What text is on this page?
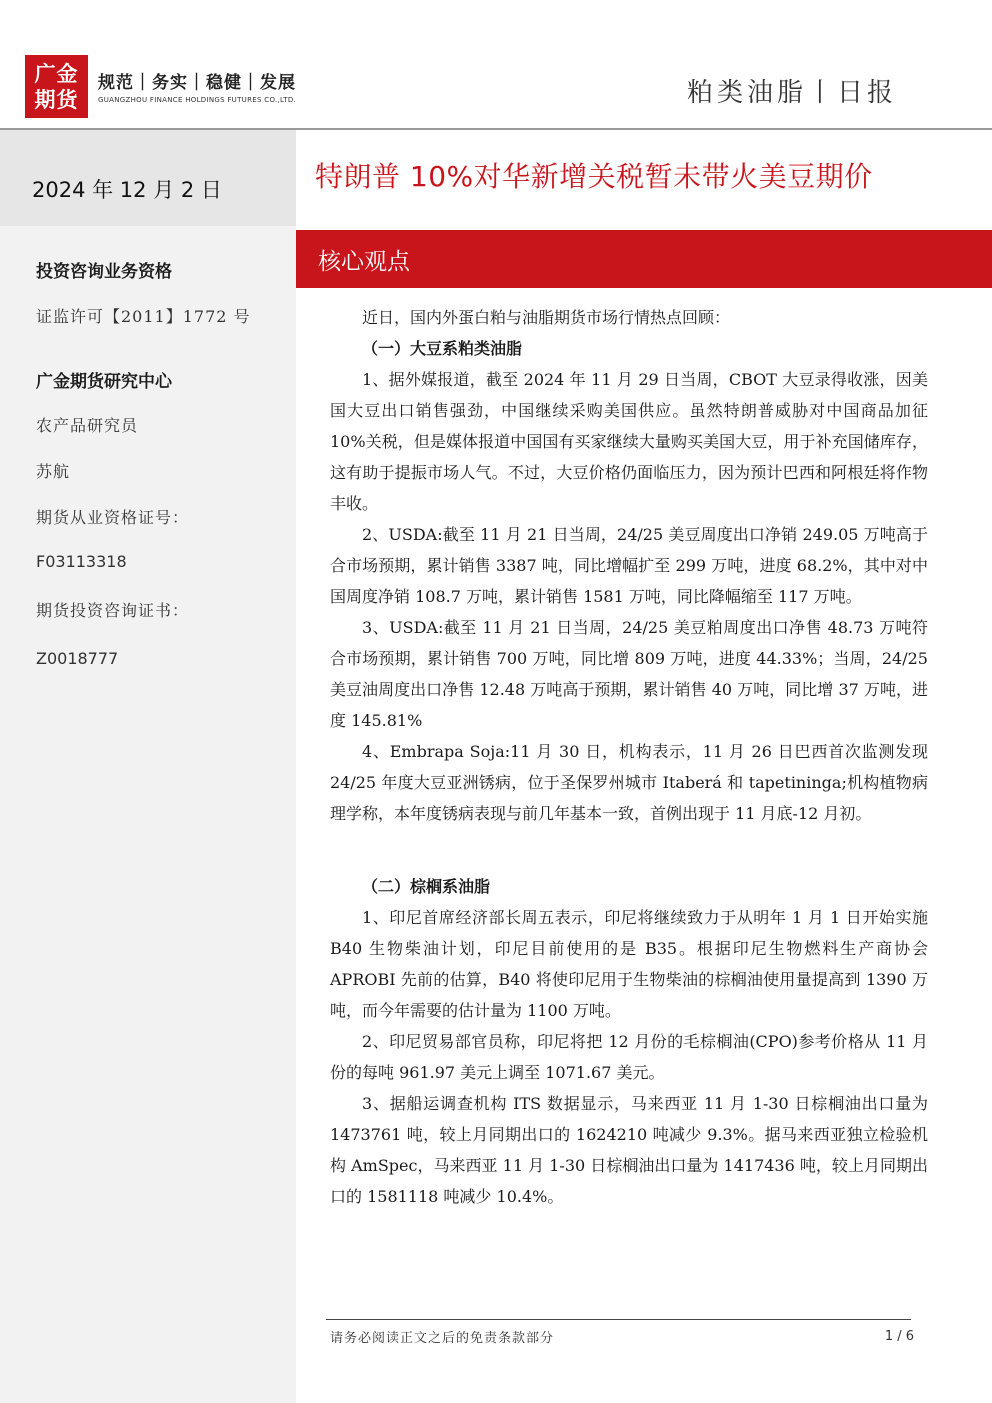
广金
期货
规范｜务实｜稳健｜发展
GUANGZHOU FINANCE HOLDINGS FUTURES CO.,LTD.	粕类油脂丨日报
2024 年 12 月 2 日
投资咨询业务资格
证监许可【2011】1772 号
广金期货研究中心
农产品研究员
苏航
期货从业资格证号：
F03113318
期货投资咨询证书：
Z0018777
特朗普 10%对华新增关税暂未带火美豆期价
核心观点

近日，国内外蛋白粕与油脂期货市场行情热点回顾：

（一）大豆系粕类油脂

1、据外媒报道，截至 2024 年 11 月 29 日当周，CBOT 大豆录得收涨，因美国大豆出口销售强劲，中国继续采购美国供应。虽然特朗普威胁对中国商品加征 10%关税，但是媒体报道中国国有买家继续大量购买美国大豆，用于补充国储库存，这有助于提振市场人气。不过，大豆价格仍面临压力，因为预计巴西和阿根廷将作物丰收。

2、USDA:截至 11 月 21 日当周，24/25 美豆周度出口净销 249.05 万吨高于合市场预期，累计销售 3387 吨，同比增幅扩至 299 万吨，进度 68.2%，其中对中国周度净销 108.7 万吨，累计销售 1581 万吨，同比降幅缩至 117 万吨。

3、USDA:截至 11 月 21 日当周，24/25 美豆粕周度出口净售 48.73 万吨符合市场预期，累计销售 700 万吨，同比增 809 万吨，进度 44.33%；当周，24/25 美豆油周度出口净售 12.48 万吨高于预期，累计销售 40 万吨，同比增 37 万吨，进度 145.81%

4、Embrapa Soja:11 月 30 日，机构表示，11 月 26 日巴西首次监测发现 24/25 年度大豆亚洲锈病，位于圣保罗州城市 Itaberá 和 tapetininga;机构植物病理学称，本年度锈病表现与前几年基本一致，首例出现于 11 月底-12 月初。

（二）棕榈系油脂

1、印尼首席经济部长周五表示，印尼将继续致力于从明年 1 月 1 日开始实施 B40 生物柴油计划，印尼目前使用的是 B35。根据印尼生物燃料生产商协会 APROBI 先前的估算，B40 将使印尼用于生物柴油的棕榈油使用量提高到 1390 万吨，而今年需要的估计量为 1100 万吨。

2、印尼贸易部官员称，印尼将把 12 月份的毛棕榈油(CPO)参考价格从 11 月份的每吨 961.97 美元上调至 1071.67 美元。

3、据船运调查机构 ITS 数据显示，马来西亚 11 月 1-30 日棕榈油出口量为 1473761 吨，较上月同期出口的 1624210 吨减少 9.3%。据马来西亚独立检验机构 AmSpec，马来西亚 11 月 1-30 日棕榈油出口量为 1417436 吨，较上月同期出口的 1581118 吨减少 10.4%。

请务必阅读正文之后的免责条款部分	1 / 6
